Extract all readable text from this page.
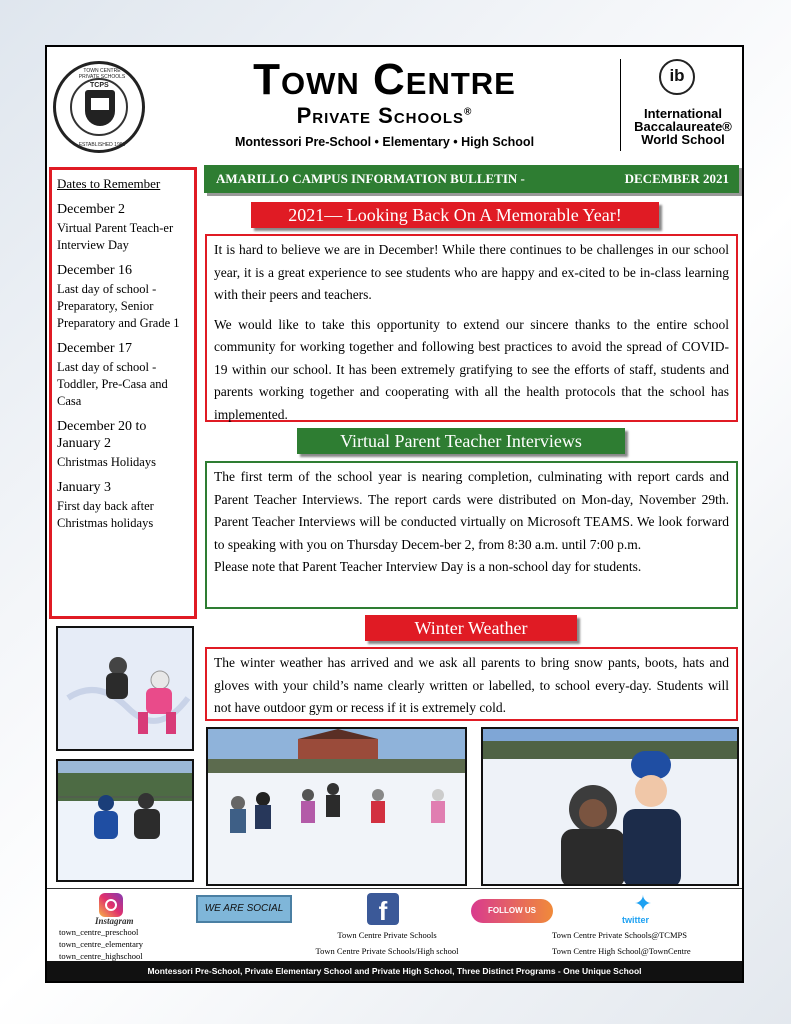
TOWN CENTRE PRIVATE SCHOOLS
TCPS
ESTABLISHED 1986
Town Centre
Private Schools®
Montessori Pre-School • Elementary • High School
ib
International
Baccalaureate®
World School
Dates to Remember
December 2
Virtual Parent Teach-er Interview Day
December 16
Last day of school - Preparatory, Senior Preparatory and Grade 1
December 17
Last day of school - Toddler, Pre-Casa and Casa
December 20 to January 2
Christmas Holidays
January 3
First day back after Christmas holidays
AMARILLO CAMPUS INFORMATION BULLETIN -	DECEMBER 2021
2021— Looking Back On A Memorable Year!

It is hard to believe we are in December! While there continues to be challenges in our school year, it is a great experience to see students who are happy and ex-cited to be in-class learning with their peers and teachers.

We would like to take this opportunity to extend our sincere thanks to the entire school community for working together and following best practices to avoid the spread of COVID-19 within our school. It has been extremely gratifying to see the efforts of staff, students and parents working together and cooperating with all the health protocols that the school has implemented.

Virtual Parent Teacher Interviews

The first term of the school year is nearing completion, culminating with report cards and Parent Teacher Interviews. The report cards were distributed on Mon-day, November 29th. Parent Teacher Interviews will be conducted virtually on Microsoft TEAMS. We look forward to speaking with you on Thursday Decem-ber 2, from 8:30 a.m. until 7:00 p.m.

Please note that Parent Teacher Interview Day is a non-school day for students.

Winter Weather

The winter weather has arrived and we ask all parents to bring snow pants, boots, hats and gloves with your child’s name clearly written or labelled, to school every-day. Students will not have outdoor gym or recess if it is extremely cold.

Instagram
town_centre_preschool
town_centre_elementary
town_centre_highschool
WE ARE SOCIAL	f
Town Centre Private Schools
Town Centre Private Schools/High school
FOLLOW US	✦
twitter
Town Centre Private Schools@TCMPS
Town Centre High School@TownCentre
Montessori Pre-School, Private Elementary School and Private High School, Three Distinct Programs - One Unique School
